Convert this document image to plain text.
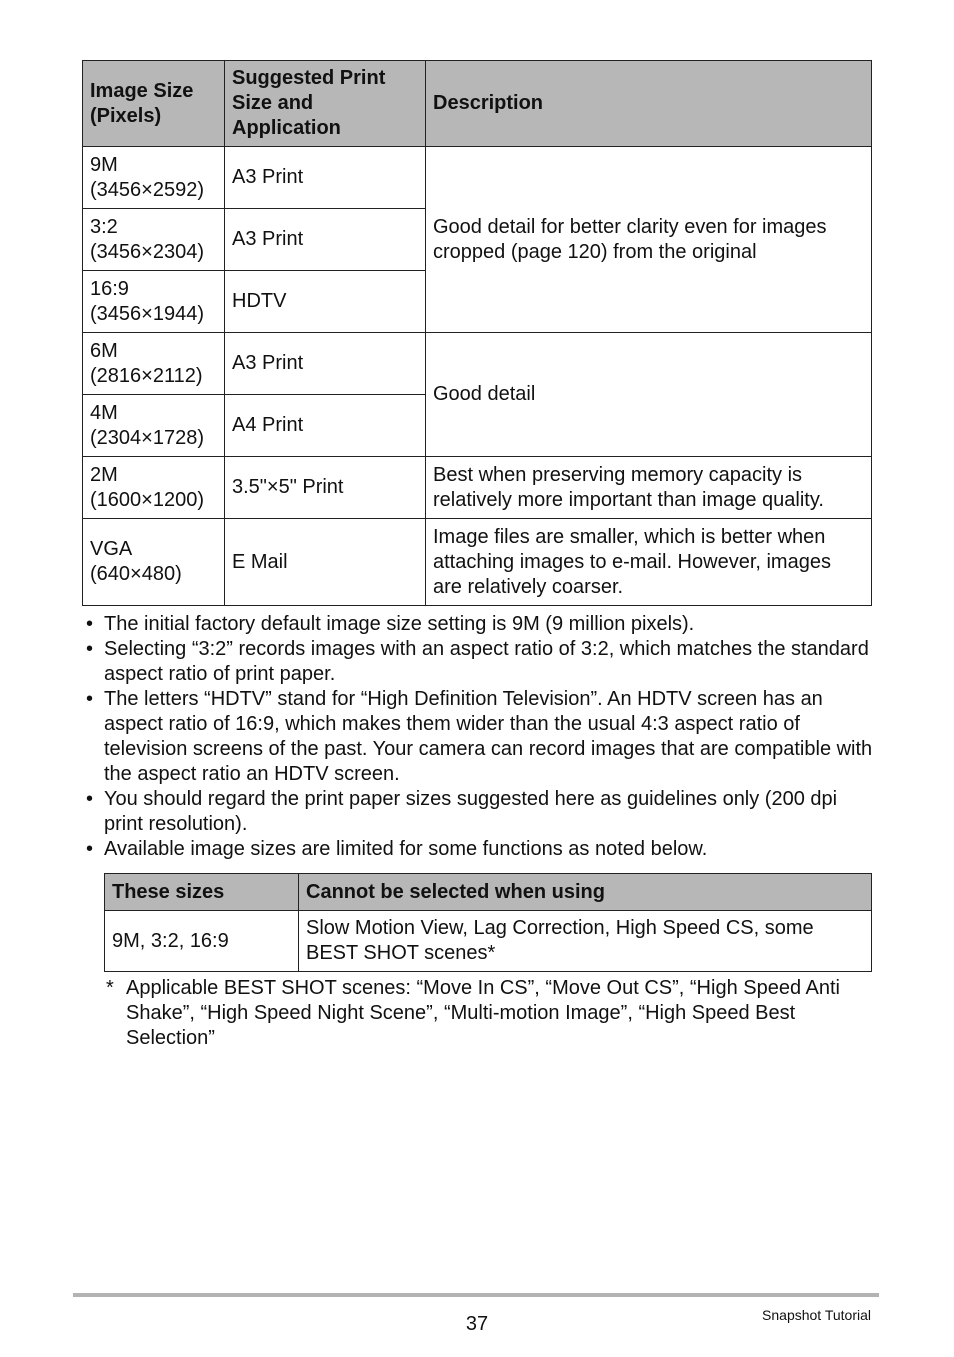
Image Size
(Pixels)	Suggested Print
Size and
Application	Description
9M
(3456×2592)	A3 Print	Good detail for better clarity even for images cropped (page 120) from the original
3:2
(3456×2304)	A3 Print	
16:9
(3456×1944)	HDTV	
6M
(2816×2112)	A3 Print	Good detail
4M
(2304×1728)	A4 Print	
2M
(1600×1200)	3.5"×5" Print	Best when preserving memory capacity is relatively more important than image quality.
VGA
(640×480)	E Mail	Image files are smaller, which is better when attaching images to e-mail. However, images are relatively coarser.
• The initial factory default image size setting is 9M (9 million pixels).
• Selecting “3:2” records images with an aspect ratio of 3:2, which matches the standard aspect ratio of print paper.
• The letters “HDTV” stand for “High Definition Television”. An HDTV screen has an aspect ratio of 16:9, which makes them wider than the usual 4:3 aspect ratio of television screens of the past. Your camera can record images that are compatible with the aspect ratio an HDTV screen.
• You should regard the print paper sizes suggested here as guidelines only (200 dpi print resolution).
• Available image sizes are limited for some functions as noted below.
These sizes	Cannot be selected when using
9M, 3:2, 16:9	Slow Motion View, Lag Correction, High Speed CS, some BEST SHOT scenes*
* Applicable BEST SHOT scenes: “Move In CS”, “Move Out CS”, “High Speed Anti Shake”, “High Speed Night Scene”, “Multi-motion Image”, “High Speed Best Selection”
37	Snapshot Tutorial
